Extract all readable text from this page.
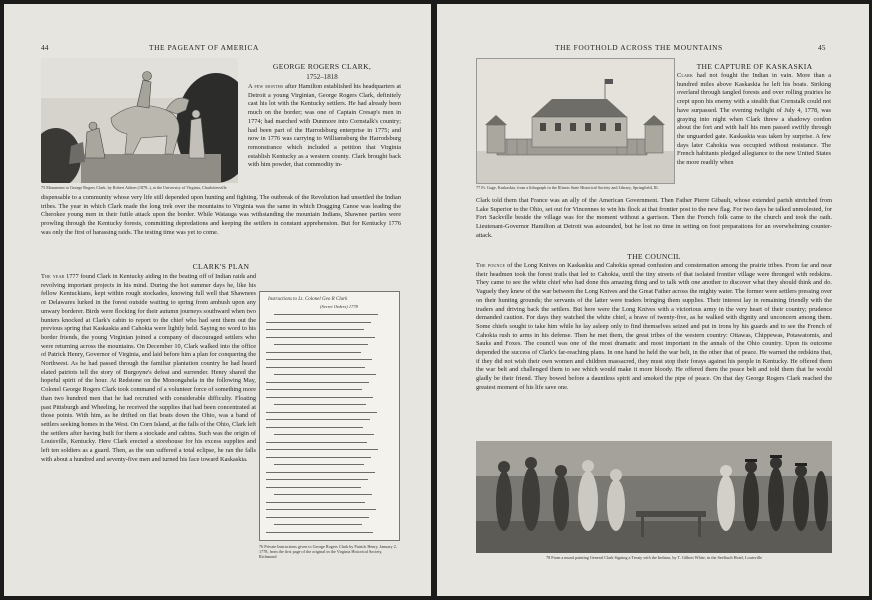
44	THE PAGEANT OF AMERICA
75 Monument to George Rogers Clark, by Robert Aitken (1878–), at the University of Virginia, Charlottesville
GEORGE ROGERS CLARK,
1752–1818

A few months after Hamilton established his headquarters at Detroit a young Virginian, George Rogers Clark, definitely cast his lot with the Kentucky settlers. He had already been much on the border; was one of Captain Cresap's men in 1774; had marched with Dunmore into Cornstalk's country; had been part of the Harrodsburg enterprise in 1775; and now in 1776 was carrying to Williamsburg the Harrodsburg remonstrance which included a petition that Virginia establish Kentucky as a western county. Clark brought back with him powder, that commodity in-

dispensable to a community whose very life still depended upon hunting and fighting. The outbreak of the Revolution had unsettled the Indian tribes. The year in which Clark made the long trek over the mountains to Virginia was the same in which Dragging Canoe was leading the Cherokee young men in their futile attack upon the border. While Watauga was withstanding the mountain Indians, Shawnee parties were prowling through the Kentucky forests, committing depredations and keeping the settlers in constant apprehension. But for Kentucky 1776 was only the first of harassing raids. The testing time was yet to come.

CLARK'S PLAN

The year 1777 found Clark in Kentucky aiding in the beating off of Indian raids and revolving important projects in his mind. During the hot summer days he, like his fellow Kentuckians, kept within rough stockades, knowing full well that Shawnees or Delawares lurked in the forest outside waiting to spring from ambush upon any unwary borderer. Birds were flocking for their autumn journeys southward when two hunters knocked at Clark's cabin to report to the chief who had sent them out the previous spring that Kaskaskia and Cahokia were lightly held. Saying no word to his border friends, the young Virginian joined a company of discouraged settlers who were returning across the mountains. On December 10, Clark walked into the office of Patrick Henry, Governor of Virginia, and laid before him a plan for conquering the Northwest. As he had passed through the familiar plantation country he had heard elated patriots tell the story of Burgoyne's defeat and surrender. Henry shared the hopeful spirit of the hour. At Redstone on the Monongahela in the following May, Colonel George Rogers Clark took command of a volunteer force of something more than two hundred men that he had recruited with considerable difficulty. Floating past Pittsburgh and Wheeling, he received the supplies that had been concentrated at those points. With him, as he drifted on flat boats down the Ohio, was a band of settlers seeking homes in the West. On Corn Island, at the falls of the Ohio, Clark left the settlers after having built for them a stockade and cabins. Such was the origin of Louisville, Kentucky. Here Clark erected a storehouse for his excess supplies and left ten soldiers as a guard. Then, as the sun suffered a total eclipse, he ran the falls with about a hundred and seventy-five men and turned his face toward Kaskaskia.

Instructions to Lt. Colonel Geo R Clark
(Secret Orders) 1778
76 Private Instructions given to George Rogers Clark by Patrick Henry, January 2, 1778, from the first page of the original in the Virginia Historical Society, Richmond
THE FOOTHOLD ACROSS THE MOUNTAINS	45
77 Ft. Gage, Kaskaskia, from a lithograph in the Illinois State Historical Society and Library, Springfield, Ill.
THE CAPTURE OF KASKASKIA

Clark had not fought the Indian in vain. More than a hundred miles above Kaskaskia he left his boats. Striking overland through tangled forests and over rolling prairies he crept upon his enemy with a stealth that Cornstalk could not have surpassed. The evening twilight of July 4, 1778, was graying into night when Clark threw a shadowy cordon about the fort and with half his men passed swiftly through the unguarded gate. Kaskaskia was taken by surprise. A few days later Cahokia was occupied without resistance. The French habitants pledged allegiance to the new United States the more readily when

Clark told them that France was an ally of the American Government. Then Father Pierre Gibault, whose extended parish stretched from Lake Superior to the Ohio, set out for Vincennes to win his flock at that frontier post to the new flag. For two days he talked unmolested, for Fort Sackville beside the village was for the moment without a garrison. Then the French folk came to the church and took the oath. Lieutenant-Governor Hamilton at Detroit was astounded, but he lost no time in setting on foot preparations for an overwhelming counter-attack.

THE COUNCIL

The pounce of the Long Knives on Kaskaskia and Cahokia spread confusion and consternation among the prairie tribes. From far and near their headmen took the forest trails that led to Cahokia, until the tiny streets of that isolated frontier village were thronged with redskins. They came to see the white chief who had done this amazing thing and to talk with one another to discover what they should think and do. Vaguely they knew of the war between the Long Knives and the Great Father across the mighty water. The former were settlers pressing over on their hunting grounds; the servants of the latter were traders bringing them supplies. Their interest lay in remaining friendly with the traders and driving back the settlers. But here were the Long Knives with a victorious army in the very heart of their country; prudence demanded caution. For days they watched the white chief, a brave of twenty-five, as he walked with dignity and unconcern among them. Some chiefs sought to take him while he lay asleep only to find themselves seized and put in irons by his guards and to see the French of Cahokia rush to arms in his defense. Then he met them, the great tribes of the western country: Ottawas, Chippewas, Potawatomis, and Sauks and Foxes. The council was one of the most dramatic and most important in the annals of the Ohio country. Upon its outcome depended the success of Clark's far-reaching plans. In one hand he held the war belt, in the other that of peace. He warned the redskins that, if they did not wish their own women and children massacred, they must stop their forays against his people in Kentucky. He offered them the war belt and challenged them to see which would make it more bloody. He offered them the peace belt and told them that he would gladly be their friend. They bowed before a dauntless spirit and smoked the pipe of peace. On that day George Rogers Clark reached the greatest moment of his life save one.

78 From a mural painting General Clark Signing a Treaty with the Indians, by T. Gilbert White, in the Seelbach Hotel, Louisville
